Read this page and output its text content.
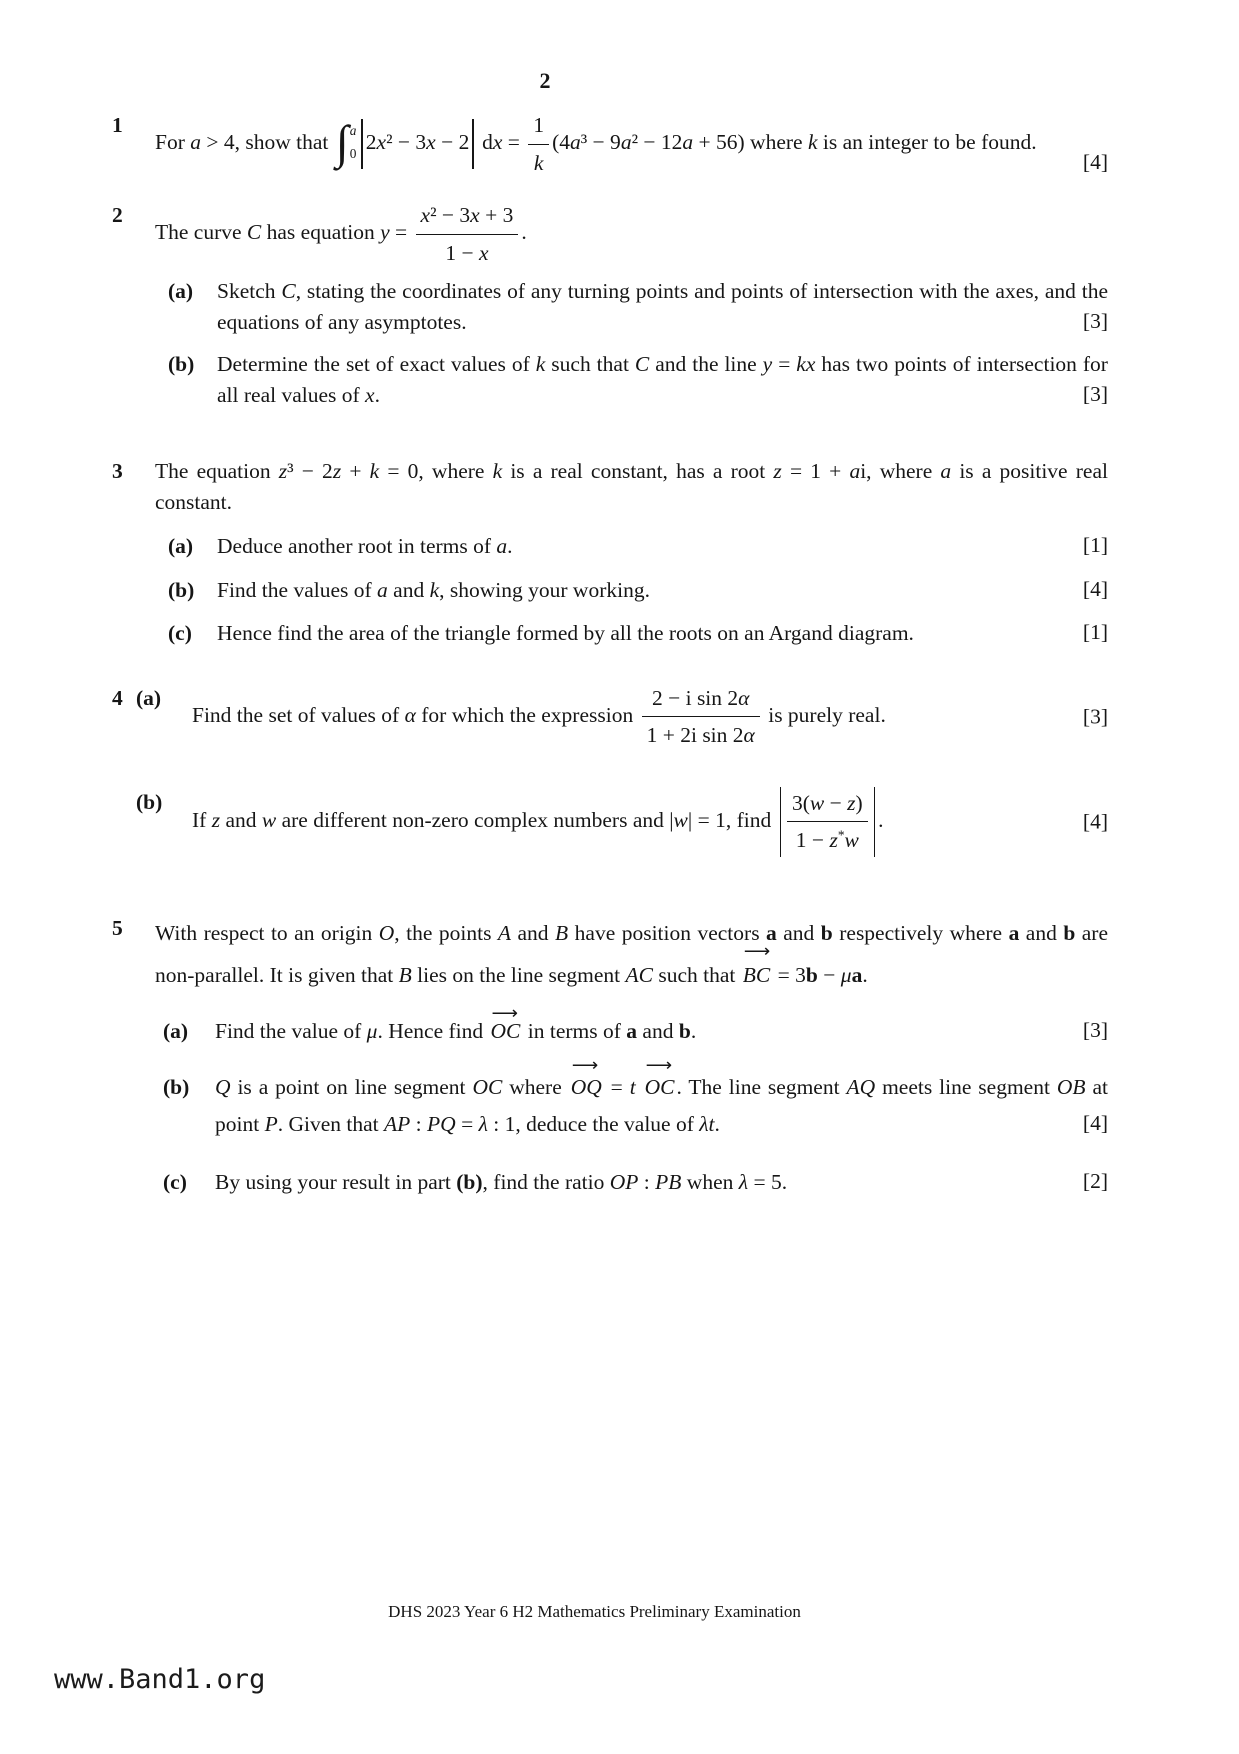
2
1
For a > 4, show that ∫ a
0 2x² − 3x − 2 dx = $\frac{1}{k} (4a^3 - 9a^2 - 12a + 56)$ where k is an integer to be found.
[4]
2
The curve C has equation $y = \frac{\text{x² − 3x + 3}}{1 - x}$ .
(a) Sketch C, stating the coordinates of any turning points and points of intersection with the axes, and the equations of any asymptotes.	[3]
(b) Determine the set of exact values of k such that C and the line y = kx has two points of intersection for all real values of x.	[3]
3	The equation z³ − 2z + k = 0, where k is a real constant, has a root z = 1 + ai, where a is a positive real constant.
(a) Deduce another root in terms of a.	[1]
(b) Find the values of a and k, showing your working.	[4]
(c) Hence find the area of the triangle formed by all the roots on an Argand diagram.	[1]
4 (a)
Find the set of values of α for which the expression $\frac{\text{2 − i sin 2α}}{\text{1 + 2i sin 2α}}$ is purely real.	[3]
(b)
If z and w are different non-zero complex numbers and |w| = 1, find $\frac{3(w - z)}{1 - z^*w}$ .	[4]
5	With respect to an origin O, the points A and B have position vectors a and b respectively where a and b are non-parallel. It is given that B lies on the line segment AC such that
⟶
BC = 3b − μa.
(a) Find the value of μ. Hence find
⟶
OC in terms of a and b.	[3]
(b) Q is a point on line segment OC where
⟶
OQ = t
⟶
OC. The line segment AQ meets line segment OB at point P. Given that AP : PQ = λ : 1, deduce the value of λt.	[4]
(c) By using your result in part (b), find the ratio OP : PB when λ = 5.	[2]
DHS 2023 Year 6 H2 Mathematics Preliminary Examination
www.Band1.org
